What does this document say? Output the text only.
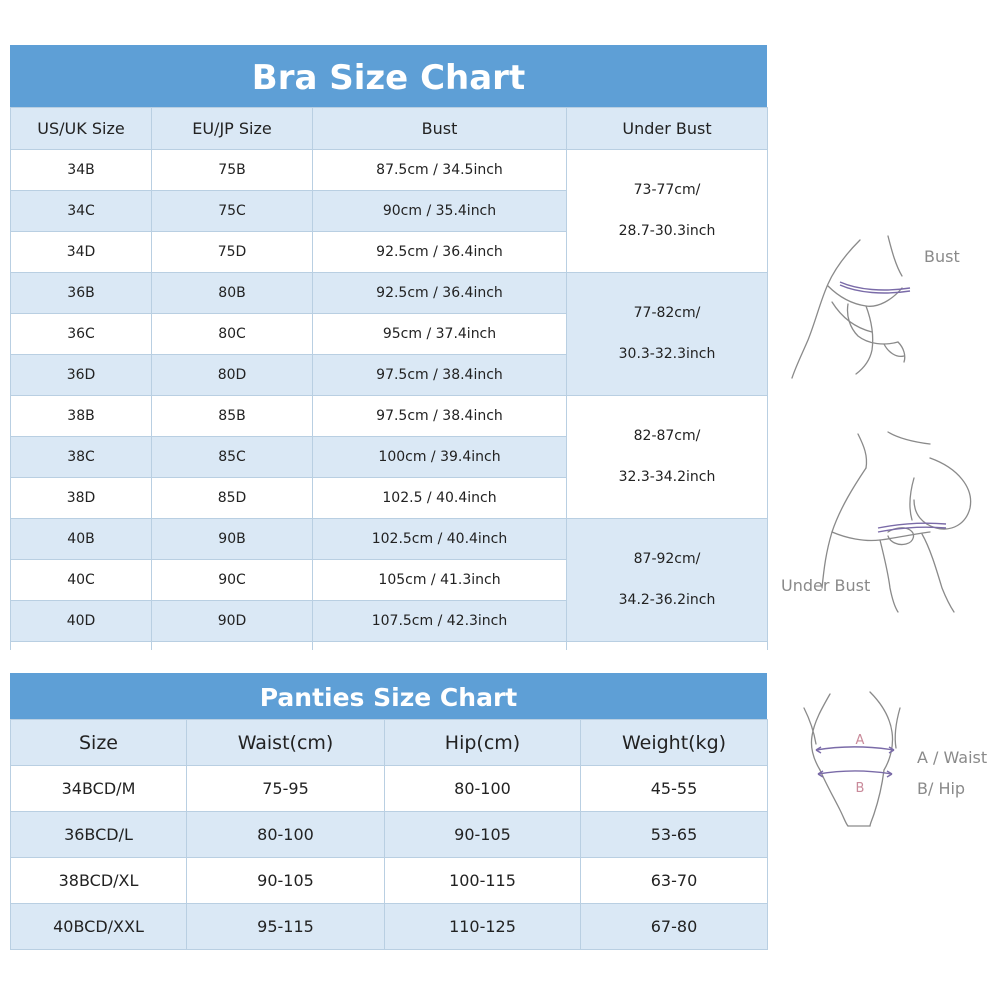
Bra Size Chart
US/UK Size	EU/JP Size	Bust	Under Bust
34B	75B	87.5cm / 34.5inch	73-77cm/
28.7-30.3inch
34C	75C	90cm / 35.4inch	
34D	75D	92.5cm / 36.4inch	
36B	80B	92.5cm / 36.4inch	77-82cm/
30.3-32.3inch
36C	80C	95cm / 37.4inch	
36D	80D	97.5cm / 38.4inch	
38B	85B	97.5cm / 38.4inch	82-87cm/
32.3-34.2inch
38C	85C	100cm / 39.4inch	
38D	85D	102.5 / 40.4inch	
40B	90B	102.5cm / 40.4inch	87-92cm/
34.2-36.2inch
40C	90C	105cm / 41.3inch	
40D	90D	107.5cm / 42.3inch	

Panties Size Chart
Size	Waist(cm)	Hip(cm)	Weight(kg)
34BCD/M	75-95	80-100	45-55
36BCD/L	80-100	90-105	53-65
38BCD/XL	90-105	100-115	63-70
40BCD/XXL	95-115	110-125	67-80
Bust
Under Bust
A
B
A / Waist
B/ Hip
